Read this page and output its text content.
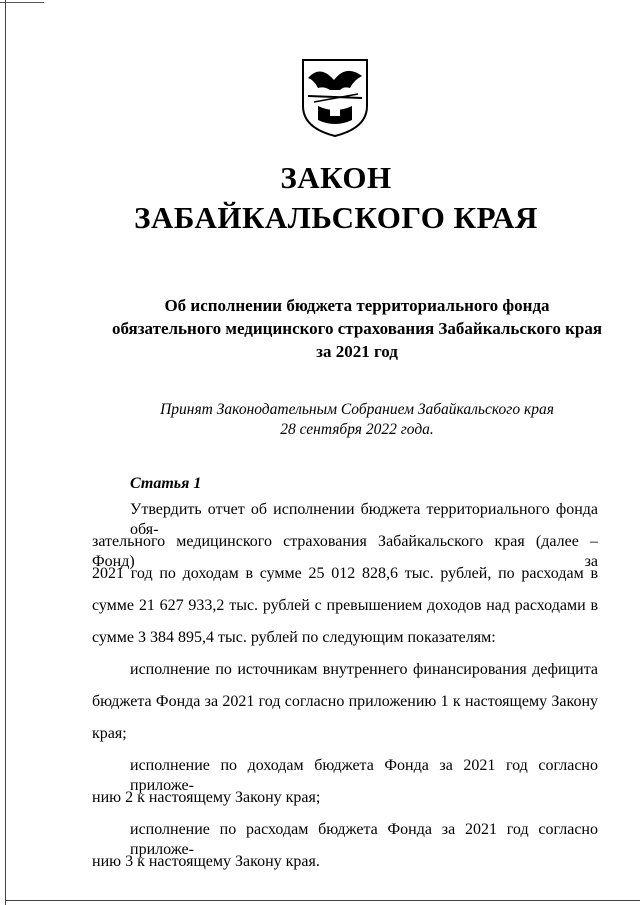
ЗАКОН
ЗАБАЙКАЛЬСКОГО КРАЯ
Об исполнении бюджета территориального фонда
обязательного медицинского страхования Забайкальского края
за 2021 год
Принят Законодательным Собранием Забайкальского края
28 сентября 2022 года.
Статья 1
Утвердить отчет об исполнении бюджета территориального фонда обя-
зательного медицинского страхования Забайкальского края (далее – Фонд) за
2021 год по доходам в сумме 25 012 828,6 тыс. рублей, по расходам в
сумме 21 627 933,2 тыс. рублей с превышением доходов над расходами в
сумме 3 384 895,4 тыс. рублей по следующим показателям:
исполнение по источникам внутреннего финансирования дефицита
бюджета Фонда за 2021 год согласно приложению 1 к настоящему Закону
края;
исполнение по доходам бюджета Фонда за 2021 год согласно приложе-
нию 2 к настоящему Закону края;
исполнение по расходам бюджета Фонда за 2021 год согласно приложе-
нию 3 к настоящему Закону края.
